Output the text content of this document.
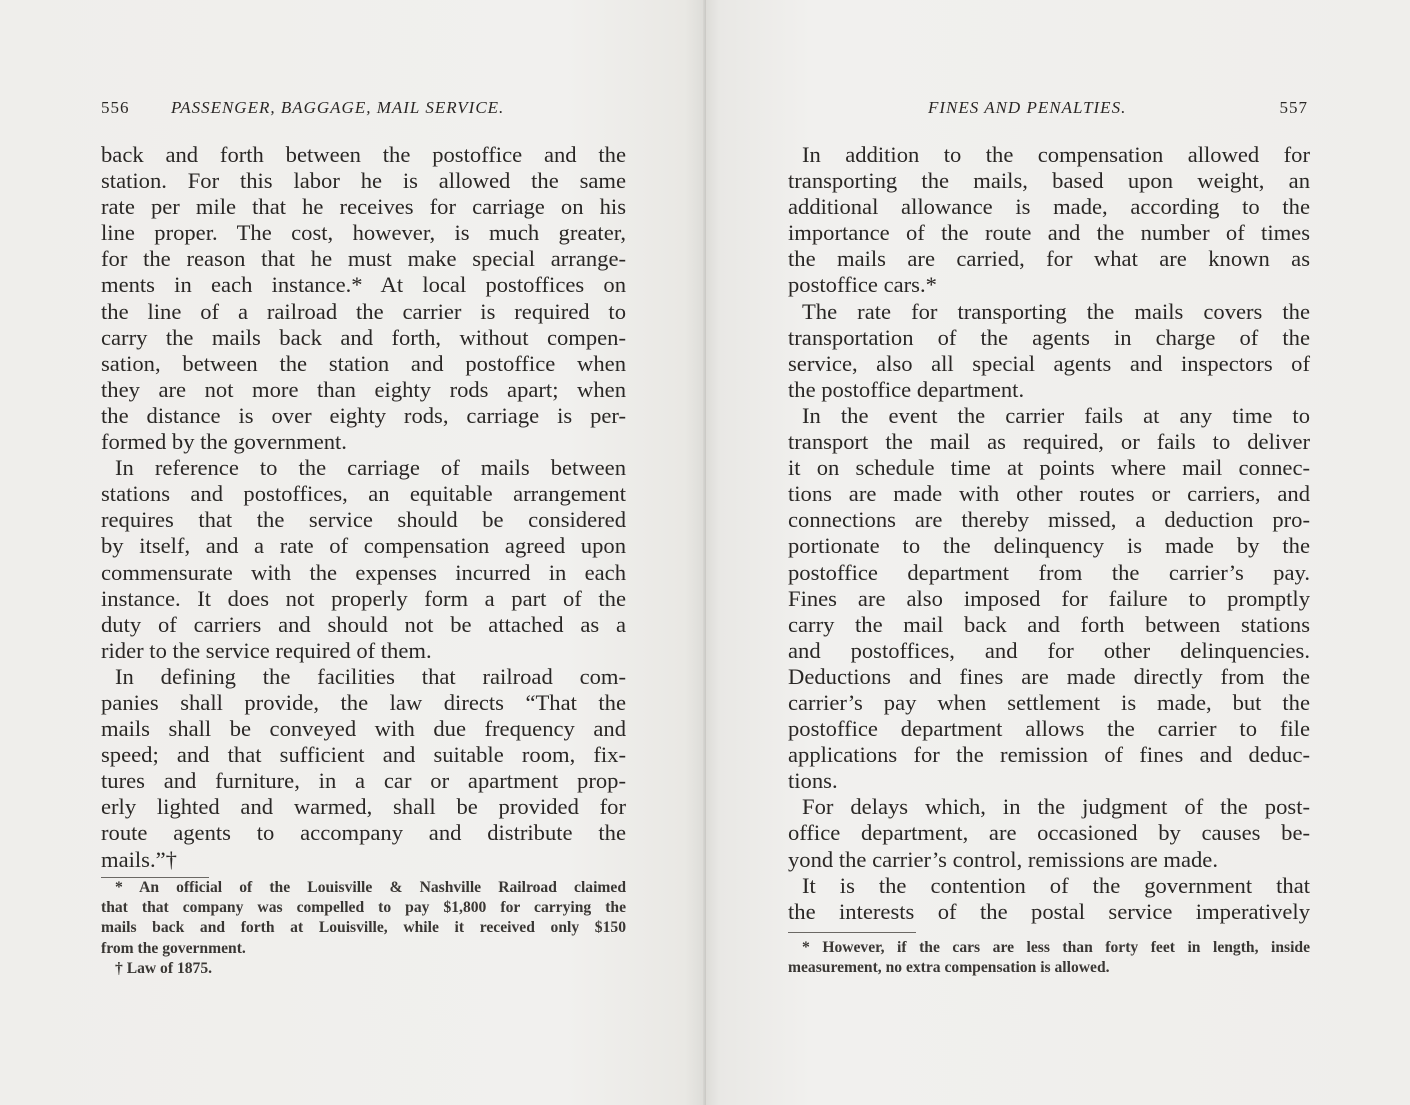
556 PASSENGER, BAGGAGE, MAIL SERVICE.
back and forth between the postoffice and the
station. For this labor he is allowed the same
rate per mile that he receives for carriage on his
line proper. The cost, however, is much greater,
for the reason that he must make special arrange-
ments in each instance.* At local postoffices on
the line of a railroad the carrier is required to
carry the mails back and forth, without compen-
sation, between the station and postoffice when
they are not more than eighty rods apart; when
the distance is over eighty rods, carriage is per-
formed by the government.
In reference to the carriage of mails between
stations and postoffices, an equitable arrangement
requires that the service should be considered
by itself, and a rate of compensation agreed upon
commensurate with the expenses incurred in each
instance. It does not properly form a part of the
duty of carriers and should not be attached as a
rider to the service required of them.
In defining the facilities that railroad com-
panies shall provide, the law directs “That the
mails shall be conveyed with due frequency and
speed; and that sufficient and suitable room, fix-
tures and furniture, in a car or apartment prop-
erly lighted and warmed, shall be provided for
route agents to accompany and distribute the
mails.”†
* An official of the Louisville & Nashville Railroad claimed
that that company was compelled to pay $1,800 for carrying the
mails back and forth at Louisville, while it received only $150
from the government.
† Law of 1875.
FINES AND PENALTIES.	557
In addition to the compensation allowed for
transporting the mails, based upon weight, an
additional allowance is made, according to the
importance of the route and the number of times
the mails are carried, for what are known as
postoffice cars.*
The rate for transporting the mails covers the
transportation of the agents in charge of the
service, also all special agents and inspectors of
the postoffice department.
In the event the carrier fails at any time to
transport the mail as required, or fails to deliver
it on schedule time at points where mail connec-
tions are made with other routes or carriers, and
connections are thereby missed, a deduction pro-
portionate to the delinquency is made by the
postoffice department from the carrier’s pay.
Fines are also imposed for failure to promptly
carry the mail back and forth between stations
and postoffices, and for other delinquencies.
Deductions and fines are made directly from the
carrier’s pay when settlement is made, but the
postoffice department allows the carrier to file
applications for the remission of fines and deduc-
tions.
For delays which, in the judgment of the post-
office department, are occasioned by causes be-
yond the carrier’s control, remissions are made.
It is the contention of the government that
the interests of the postal service imperatively
* However, if the cars are less than forty feet in length, inside
measurement, no extra compensation is allowed.
